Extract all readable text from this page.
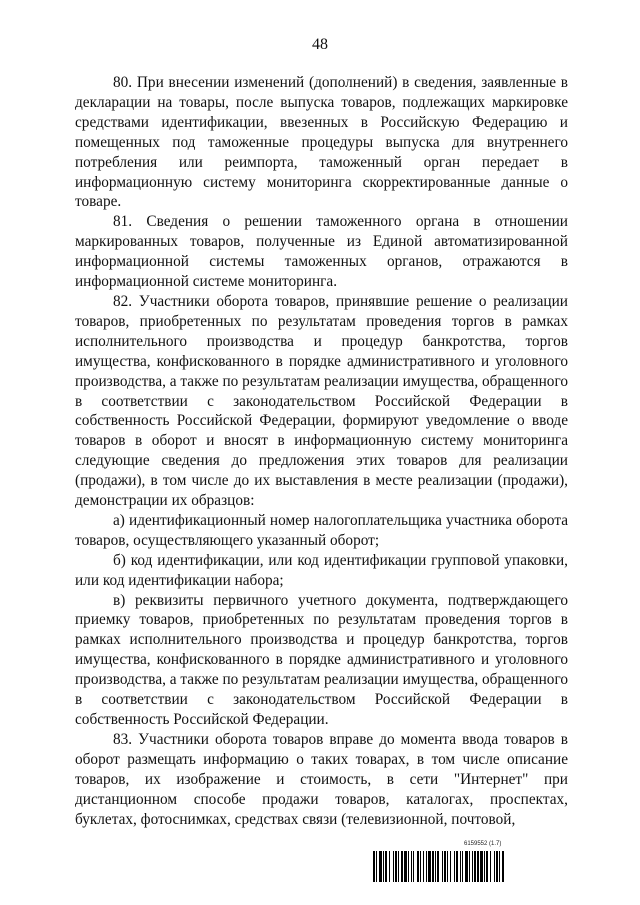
48

80. При внесении изменений (дополнений) в сведения, заявленные в декларации на товары, после выпуска товаров, подлежащих маркировке средствами идентификации, ввезенных в Российскую Федерацию и помещенных под таможенные процедуры выпуска для внутреннего потребления или реимпорта, таможенный орган передает в информационную систему мониторинга скорректированные данные о товаре.

81. Сведения о решении таможенного органа в отношении маркированных товаров, полученные из Единой автоматизированной информационной системы таможенных органов, отражаются в информационной системе мониторинга.

82. Участники оборота товаров, принявшие решение о реализации товаров, приобретенных по результатам проведения торгов в рамках исполнительного производства и процедур банкротства, торгов имущества, конфискованного в порядке административного и уголовного производства, а также по результатам реализации имущества, обращенного в соответствии с законодательством Российской Федерации в собственность Российской Федерации, формируют уведомление о вводе товаров в оборот и вносят в информационную систему мониторинга следующие сведения до предложения этих товаров для реализации (продажи), в том числе до их выставления в месте реализации (продажи), демонстрации их образцов:

а) идентификационный номер налогоплательщика участника оборота товаров, осуществляющего указанный оборот;

б) код идентификации, или код идентификации групповой упаковки, или код идентификации набора;

в) реквизиты первичного учетного документа, подтверждающего приемку товаров, приобретенных по результатам проведения торгов в рамках исполнительного производства и процедур банкротства, торгов имущества, конфискованного в порядке административного и уголовного производства, а также по результатам реализации имущества, обращенного в соответствии с законодательством Российской Федерации в собственность Российской Федерации.

83. Участники оборота товаров вправе до момента ввода товаров в оборот размещать информацию о таких товарах, в том числе описание товаров, их изображение и стоимость, в сети "Интернет" при дистанционном способе продажи товаров, каталогах, проспектах, буклетах, фотоснимках, средствах связи (телевизионной, почтовой,

6159552 (1.7)
